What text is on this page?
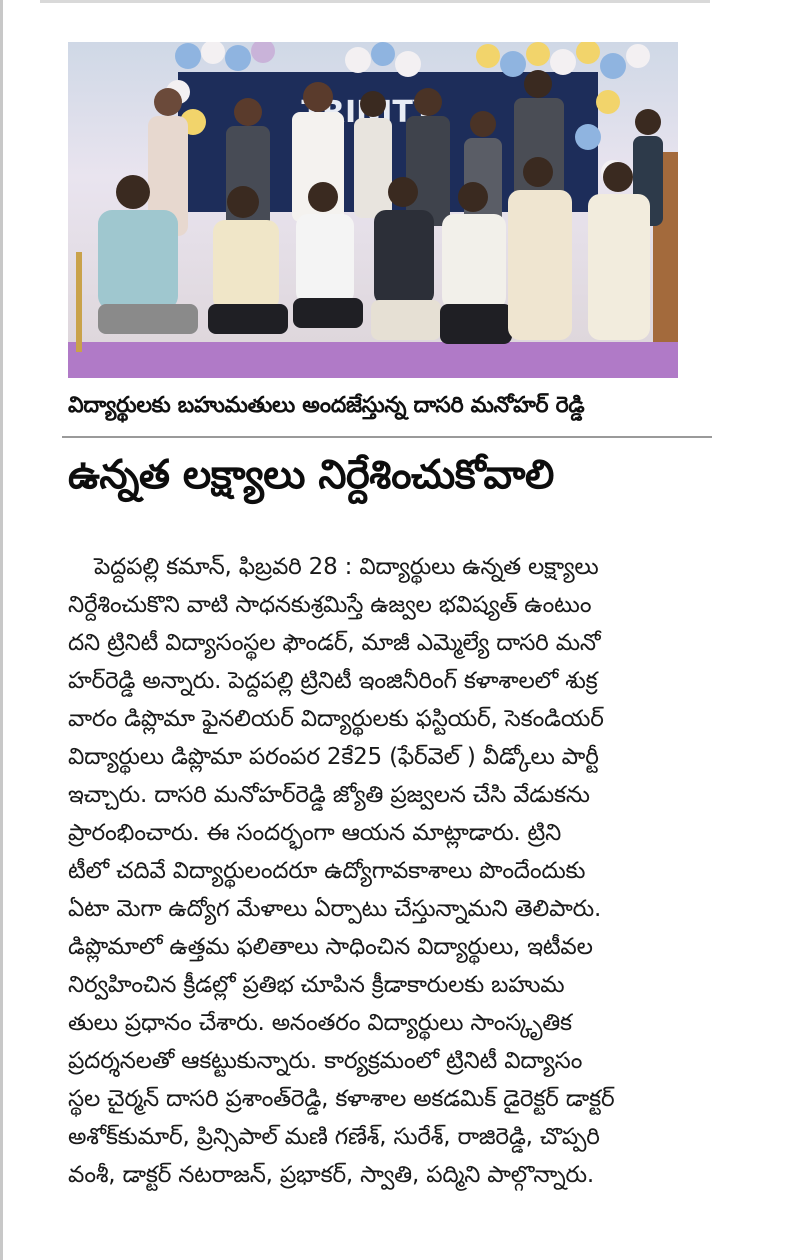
విద్యార్థులకు బహుమతులు అందజేస్తున్న దాసరి మనోహర్ రెడ్డి
ఉన్నత లక్ష్యాలు నిర్దేశించుకోవాలి
పెద్దపల్లి కమాన్, ఫిబ్రవరి 28 : విద్యార్థులు ఉన్నత లక్ష్యాలు
నిర్దేశించుకొని వాటి సాధనకుశ్రమిస్తే ఉజ్వల భవిష్యత్ ఉంటుం
దని ట్రినిటీ విద్యాసంస్థల ఫౌండర్, మాజీ ఎమ్మెల్యే దాసరి మనో
హర్‌రెడ్డి అన్నారు. పెద్దపల్లి ట్రినిటీ ఇంజినీరింగ్ కళాశాలలో శుక్ర
వారం డిప్లొమా ఫైనలియర్ విద్యార్థులకు ఫస్టియర్, సెకండియర్
విద్యార్థులు డిప్లొమా పరంపర 2కే25 (ఫేర్‌వెల్ ) వీడ్కోలు పార్టీ
ఇచ్చారు. దాసరి మనోహర్‌రెడ్డి జ్యోతి ప్రజ్వలన చేసి వేడుకను
ప్రారంభించారు. ఈ సందర్భంగా ఆయన మాట్లాడారు. ట్రిని
టీలో చదివే విద్యార్థులందరూ ఉద్యోగావకాశాలు పొందేందుకు
ఏటా మెగా ఉద్యోగ మేళాలు ఏర్పాటు చేస్తున్నామని తెలిపారు.
డిప్లొమాలో ఉత్తమ ఫలితాలు సాధించిన విద్యార్థులు, ఇటీవల
నిర్వహించిన క్రీడల్లో ప్రతిభ చూపిన క్రీడాకారులకు బహుమ
తులు ప్రధానం చేశారు. అనంతరం విద్యార్థులు సాంస్కృతిక
ప్రదర్శనలతో ఆకట్టుకున్నారు. కార్యక్రమంలో ట్రినిటీ విద్యాసం
స్థల చైర్మన్ దాసరి ప్రశాంత్‌రెడ్డి, కళాశాల అకడమిక్ డైరెక్టర్ డాక్టర్
అశోక్‌కుమార్, ప్రిన్సిపాల్ మణి గణేశ్, సురేశ్, రాజిరెడ్డి, చొప్పరి
వంశీ, డాక్టర్ నటరాజన్, ప్రభాకర్, స్వాతి, పద్మిని పాల్గొన్నారు.
